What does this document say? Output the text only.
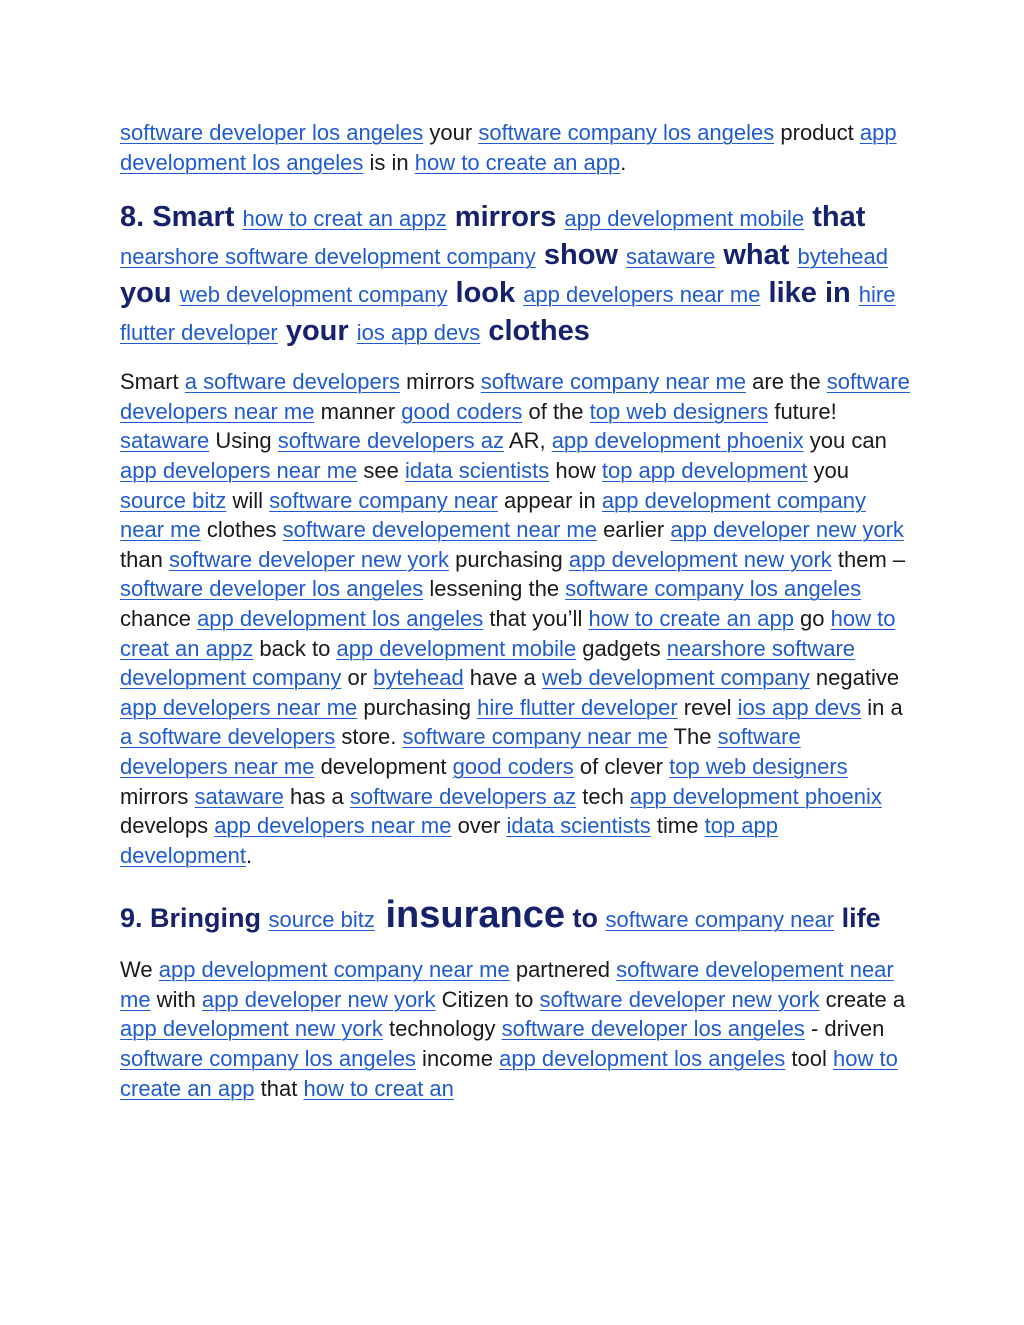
software developer los angeles your software company los angeles product app development los angeles is in how to create an app.

8. Smart how to creat an appz mirrors app development mobile that nearshore software development company show sataware what bytehead you web development company look app developers near me like in hire flutter developer your ios app devs clothes

Smart a software developers mirrors software company near me are the software developers near me manner good coders of the top web designers future! sataware Using software developers az AR, app development phoenix you can app developers near me see idata scientists how top app development you source bitz will software company near appear in app development company near me clothes software developement near me earlier app developer new york than software developer new york purchasing app development new york them – software developer los angeles lessening the software company los angeles chance app development los angeles that you’ll how to create an app go how to creat an appz back to app development mobile gadgets nearshore software development company or bytehead have a web development company negative app developers near me purchasing hire flutter developer revel ios app devs in a a software developers store. software company near me The software developers near me development good coders of clever top web designers mirrors sataware has a software developers az tech app development phoenix develops app developers near me over idata scientists time top app development.

9. Bringing source bitz insurance to software company near life

We app development company near me partnered software developement near me with app developer new york Citizen to software developer new york create a app development new york technology software developer los angeles - driven software company los angeles income app development los angeles tool how to create an app that how to creat an
